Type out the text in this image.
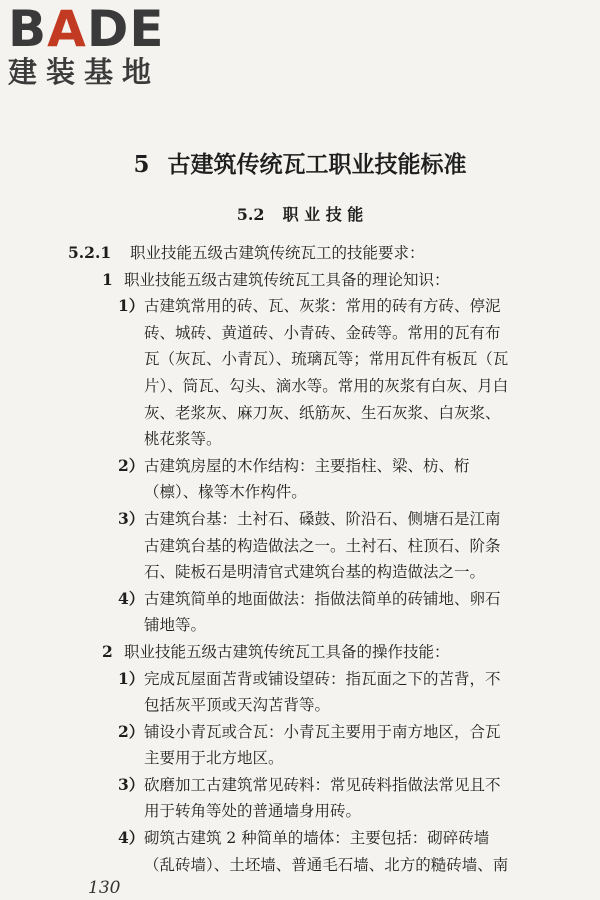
BADE
建装基地
5 古建筑传统瓦工职业技能标准
5.2 职 业 技 能
5.2.1 职业技能五级古建筑传统瓦工的技能要求：
1 职业技能五级古建筑传统瓦工具备的理论知识：
1）古建筑常用的砖、瓦、灰浆：常用的砖有方砖、停泥
砖、城砖、黄道砖、小青砖、金砖等。常用的瓦有布
瓦（灰瓦、小青瓦）、琉璃瓦等；常用瓦件有板瓦（瓦
片）、筒瓦、勾头、滴水等。常用的灰浆有白灰、月白
灰、老浆灰、麻刀灰、纸筋灰、生石灰浆、白灰浆、
桃花浆等。
2）古建筑房屋的木作结构：主要指柱、梁、枋、桁
（檩）、椽等木作构件。
3）古建筑台基：土衬石、磉鼓、阶沿石、侧塘石是江南
古建筑台基的构造做法之一。土衬石、柱顶石、阶条
石、陡板石是明清官式建筑台基的构造做法之一。
4）古建筑简单的地面做法：指做法简单的砖铺地、卵石
铺地等。
2 职业技能五级古建筑传统瓦工具备的操作技能：
1）完成瓦屋面苫背或铺设望砖：指瓦面之下的苫背，不
包括灰平顶或天沟苫背等。
2）铺设小青瓦或合瓦：小青瓦主要用于南方地区，合瓦
主要用于北方地区。
3）砍磨加工古建筑常见砖料：常见砖料指做法常见且不
用于转角等处的普通墙身用砖。
4）砌筑古建筑 2 种简单的墙体：主要包括：砌碎砖墙
（乱砖墙）、土坯墙、普通毛石墙、北方的糙砖墙、南
130
